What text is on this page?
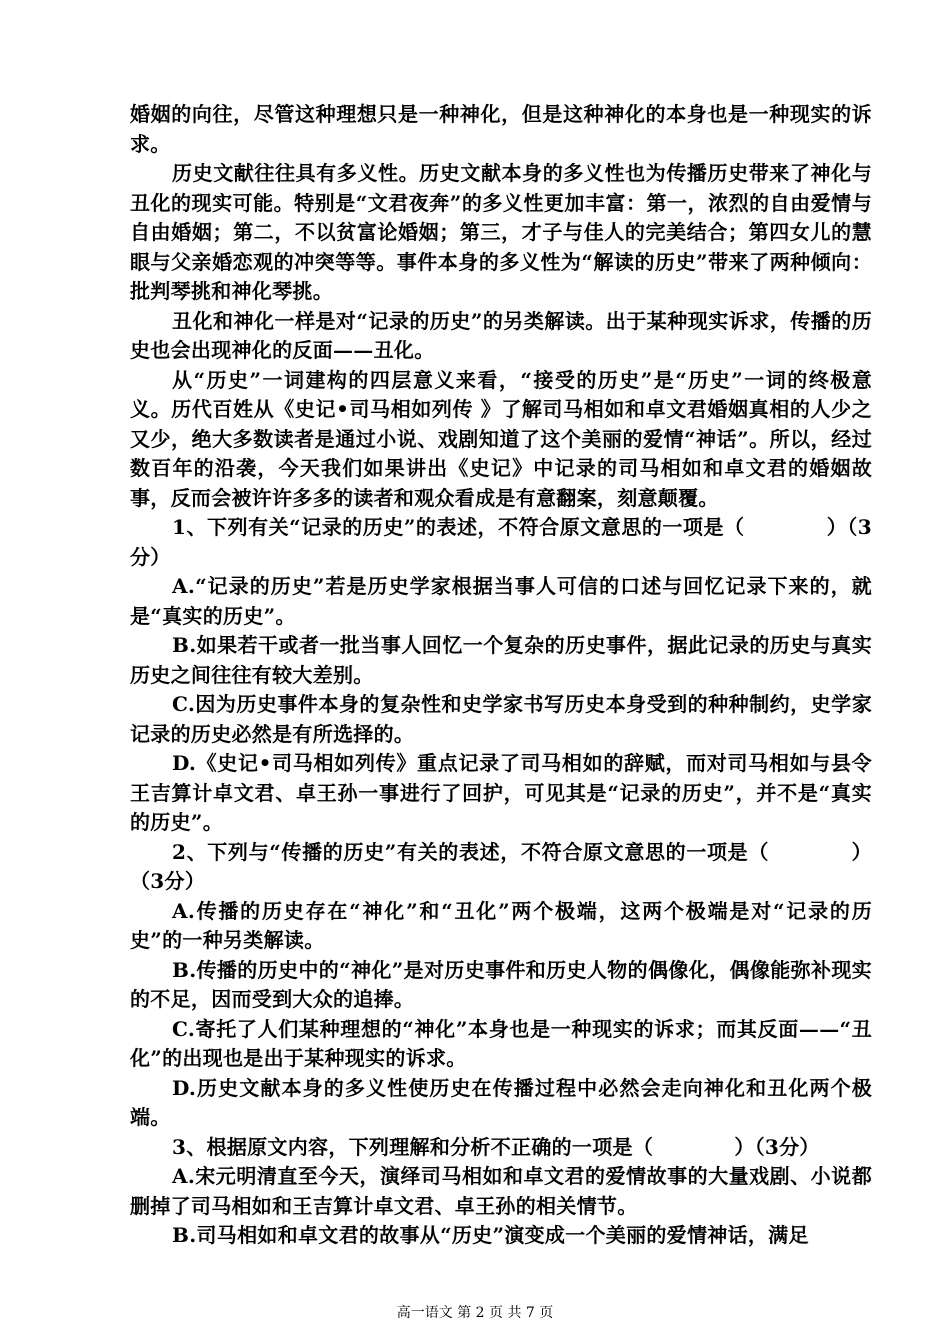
婚姻的向往，尽管这种理想只是一种神化，但是这种神化的本身也是一种现实的诉求。

历史文献往往具有多义性。历史文献本身的多义性也为传播历史带来了神化与丑化的现实可能。特别是“文君夜奔”的多义性更加丰富：第一，浓烈的自由爱情与自由婚姻；第二，不以贫富论婚姻；第三，才子与佳人的完美结合；第四女儿的慧眼与父亲婚恋观的冲突等等。事件本身的多义性为“解读的历史”带来了两种倾向：批判琴挑和神化琴挑。

丑化和神化一样是对“记录的历史”的另类解读。出于某种现实诉求，传播的历史也会出现神化的反面——丑化。

从“历史”一词建构的四层意义来看，“接受的历史”是“历史”一词的终极意义。历代百姓从《史记•司马相如列传 》了解司马相如和卓文君婚姻真相的人少之又少，绝大多数读者是通过小说、戏剧知道了这个美丽的爱情“神话”。所以，经过数百年的沿袭，今天我们如果讲出《史记》中记录的司马相如和卓文君的婚姻故事，反而会被许许多多的读者和观众看成是有意翻案，刻意颠覆。

1、下列有关“记录的历史”的表述，不符合原文意思的一项是（　　　　）（3分）

A.“记录的历史”若是历史学家根据当事人可信的口述与回忆记录下来的，就是“真实的历史”。

B.如果若干或者一批当事人回忆一个复杂的历史事件，据此记录的历史与真实历史之间往往有较大差别。

C.因为历史事件本身的复杂性和史学家书写历史本身受到的种种制约，史学家记录的历史必然是有所选择的。

D.《史记•司马相如列传》重点记录了司马相如的辞赋，而对司马相如与县令王吉算计卓文君、卓王孙一事进行了回护，可见其是“记录的历史”，并不是“真实的历史”。

2、下列与“传播的历史”有关的表述，不符合原文意思的一项是（　　　　）（3分）

A.传播的历史存在“神化”和“丑化”两个极端，这两个极端是对“记录的历史”的一种另类解读。

B.传播的历史中的“神化”是对历史事件和历史人物的偶像化，偶像能弥补现实的不足，因而受到大众的追捧。

C.寄托了人们某种理想的“神化”本身也是一种现实的诉求；而其反面——“丑化”的出现也是出于某种现实的诉求。

D.历史文献本身的多义性使历史在传播过程中必然会走向神化和丑化两个极端。

3、根据原文内容，下列理解和分析不正确的一项是（　　　　）（3分）

A.宋元明清直至今天，演绎司马相如和卓文君的爱情故事的大量戏剧、小说都删掉了司马相如和王吉算计卓文君、卓王孙的相关情节。

B.司马相如和卓文君的故事从“历史”演变成一个美丽的爱情神话，满足

高一语文 第 2 页 共 7 页
